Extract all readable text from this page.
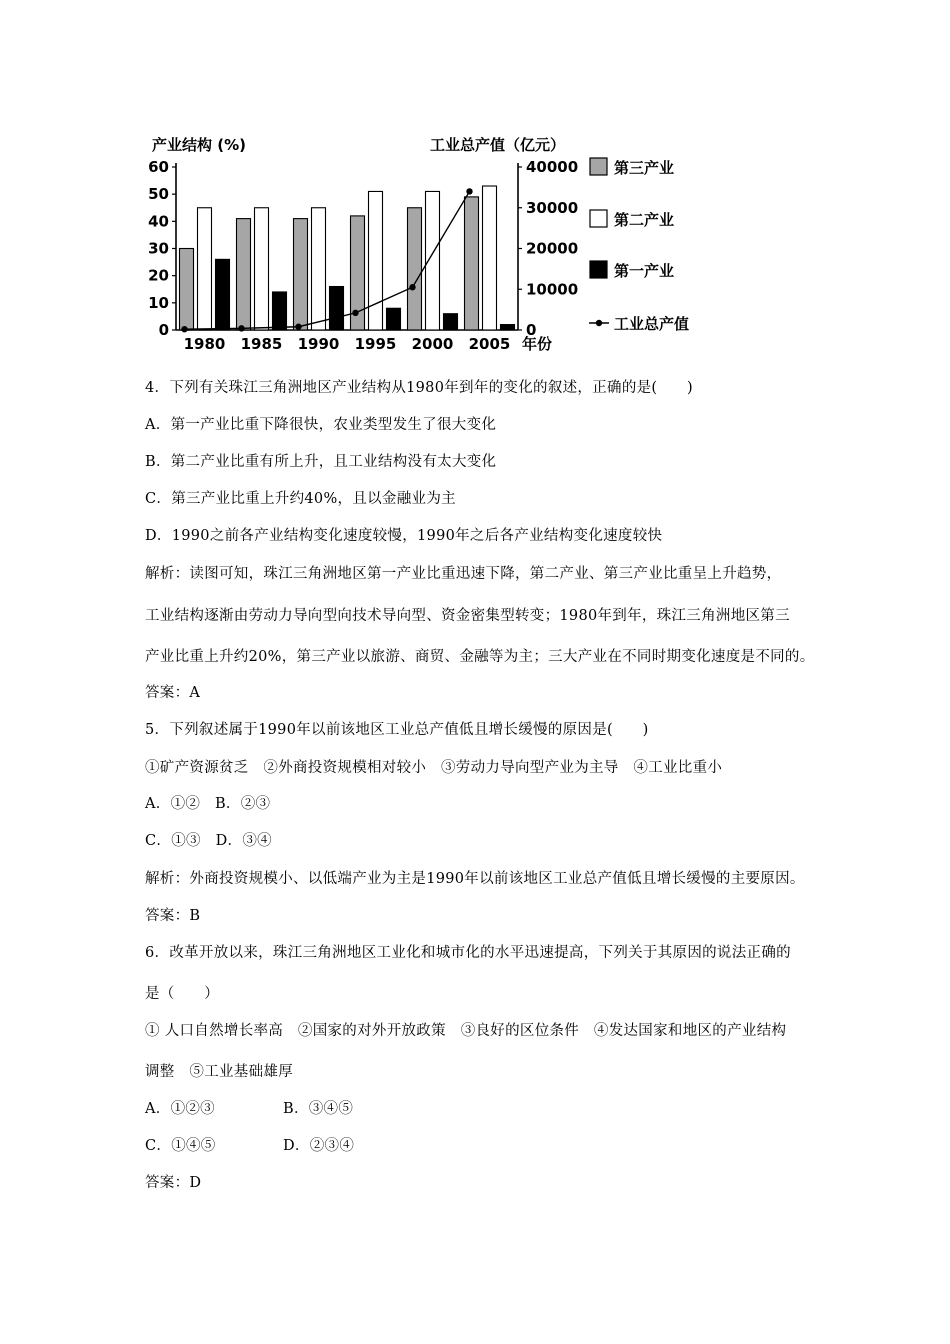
产业结构 (%)	工业总产值（亿元）
年份
0
10
20
30
40
50
60
0
10000
20000
30000
40000
1980 1985 1990 1995 2000 2005
第三产业
第二产业
第一产业
工业总产值
4．下列有关珠江三角洲地区产业结构从1980年到年的变化的叙述，正确的是(　　)
A．第一产业比重下降很快，农业类型发生了很大变化
B．第二产业比重有所上升，且工业结构没有太大变化
C．第三产业比重上升约40%，且以金融业为主
D．1990之前各产业结构变化速度较慢，1990年之后各产业结构变化速度较快
解析：读图可知，珠江三角洲地区第一产业比重迅速下降，第二产业、第三产业比重呈上升趋势，
工业结构逐渐由劳动力导向型向技术导向型、资金密集型转变；1980年到年，珠江三角洲地区第三
产业比重上升约20%，第三产业以旅游、商贸、金融等为主；三大产业在不同时期变化速度是不同的。
答案：A
5．下列叙述属于1990年以前该地区工业总产值低且增长缓慢的原因是(　　)
①矿产资源贫乏　②外商投资规模相对较小　③劳动力导向型产业为主导　④工业比重小
A．①②　B．②③
C．①③　D．③④
解析：外商投资规模小、以低端产业为主是1990年以前该地区工业总产值低且增长缓慢的主要原因。
答案：B
6．改革开放以来，珠江三角洲地区工业化和城市化的水平迅速提高，下列关于其原因的说法正确的
是（　　）
① 人口自然增长率高　②国家的对外开放政策　③良好的区位条件　④发达国家和地区的产业结构
调整　⑤工业基础雄厚
A．①②③	B．③④⑤
C．①④⑤	D．②③④
答案：D
